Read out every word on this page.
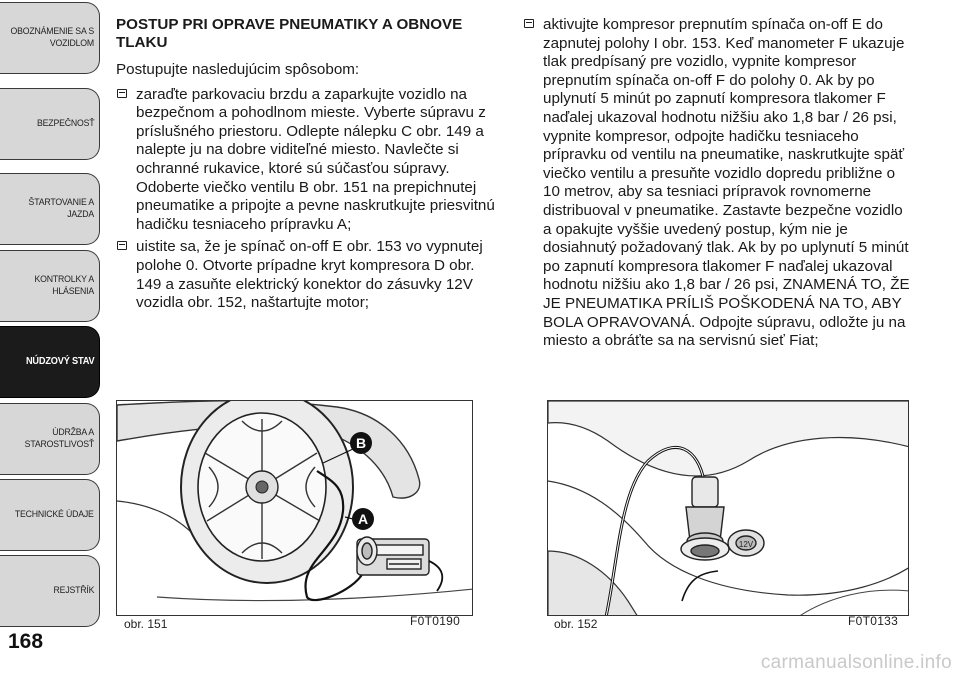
OBOZNÁMENIE SA S VOZIDLOM
BEZPEČNOSŤ
ŠTARTOVANIE A JAZDA
KONTROLKY A HLÁSENIA
NÚDZOVÝ STAV
ÚDRŽBA A STAROSTLIVOSŤ
TECHNICKÉ ÚDAJE
REJSTŘÍK
168
POSTUP PRI OPRAVE PNEUMATIKY A OBNOVE TLAKU

Postupujte nasledujúcim spôsobom:

zaraďte parkovaciu brzdu a zaparkujte vozidlo na bezpečnom a pohodlnom mieste. Vyberte súpravu z príslušného priestoru. Odlepte nálepku C obr. 149 a nalepte ju na dobre viditeľné miesto. Navlečte si ochranné rukavice, ktoré sú súčasťou súpravy. Odoberte viečko ventilu B obr. 151 na prepichnutej pneumatike a pripojte a pevne naskrutkujte priesvitnú hadičku tesniaceho prípravku A;
uistite sa, že je spínač on-off E obr. 153 vo vypnutej polohe 0. Otvorte prípadne kryt kompresora D obr. 149 a zasuňte elektrický konektor do zásuvky 12V vozidla obr. 152, naštartujte motor;
aktivujte kompresor prepnutím spínača on-off E do zapnutej polohy I obr. 153. Keď manometer F ukazuje tlak predpísaný pre vozidlo, vypnite kompresor prepnutím spínača on-off F do polohy 0. Ak by po uplynutí 5 minút po zapnutí kompresora tlakomer F naďalej ukazoval hodnotu nižšiu ako 1,8 bar / 26 psi, vypnite kompresor, odpojte hadičku tesniaceho prípravku od ventilu na pneumatike, naskrutkujte späť viečko ventilu a presuňte vozidlo dopredu približne o 10 metrov, aby sa tesniaci prípravok rovnomerne distribuoval v pneumatike. Zastavte bezpečne vozidlo a opakujte vyššie uvedený postup, kým nie je dosiahnutý požadovaný tlak. Ak by po uplynutí 5 minút po zapnutí kompresora tlakomer F naďalej ukazoval hodnotu nižšiu ako 1,8 bar / 26 psi, ZNAMENÁ TO, ŽE JE PNEUMATIKA PRÍLIŠ POŠKODENÁ NA TO, ABY BOLA OPRAVOVANÁ. Odpojte súpravu, odložte ju na miesto a obráťte sa na servisnú sieť Fiat;
B
A
obr. 151	F0T0190
12V
obr. 152	F0T0133
carmanualsonline.info
